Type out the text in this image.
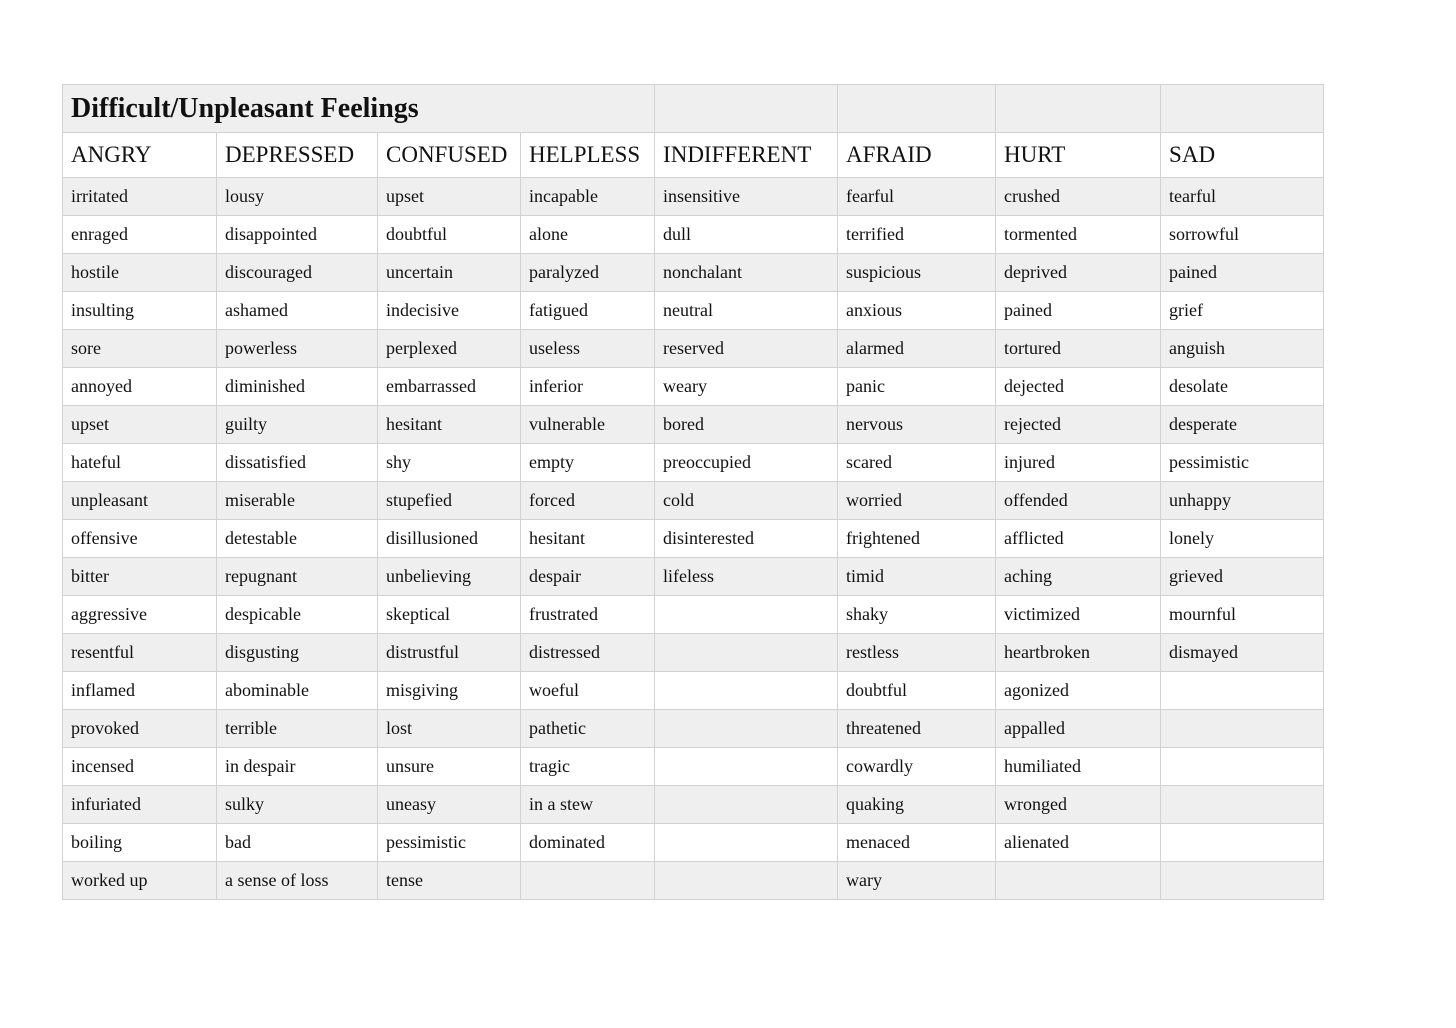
Difficult/Unpleasant Feelings							
ANGRY	DEPRESSED	CONFUSED	HELPLESS	INDIFFERENT	AFRAID	HURT	SAD
irritated	lousy	upset	incapable	insensitive	fearful	crushed	tearful
enraged	disappointed	doubtful	alone	dull	terrified	tormented	sorrowful
hostile	discouraged	uncertain	paralyzed	nonchalant	suspicious	deprived	pained
insulting	ashamed	indecisive	fatigued	neutral	anxious	pained	grief
sore	powerless	perplexed	useless	reserved	alarmed	tortured	anguish
annoyed	diminished	embarrassed	inferior	weary	panic	dejected	desolate
upset	guilty	hesitant	vulnerable	bored	nervous	rejected	desperate
hateful	dissatisfied	shy	empty	preoccupied	scared	injured	pessimistic
unpleasant	miserable	stupefied	forced	cold	worried	offended	unhappy
offensive	detestable	disillusioned	hesitant	disinterested	frightened	afflicted	lonely
bitter	repugnant	unbelieving	despair	lifeless	timid	aching	grieved
aggressive	despicable	skeptical	frustrated		shaky	victimized	mournful
resentful	disgusting	distrustful	distressed		restless	heartbroken	dismayed
inflamed	abominable	misgiving	woeful		doubtful	agonized	
provoked	terrible	lost	pathetic		threatened	appalled	
incensed	in despair	unsure	tragic		cowardly	humiliated	
infuriated	sulky	uneasy	in a stew		quaking	wronged	
boiling	bad	pessimistic	dominated		menaced	alienated	
worked up	a sense of loss	tense			wary		
